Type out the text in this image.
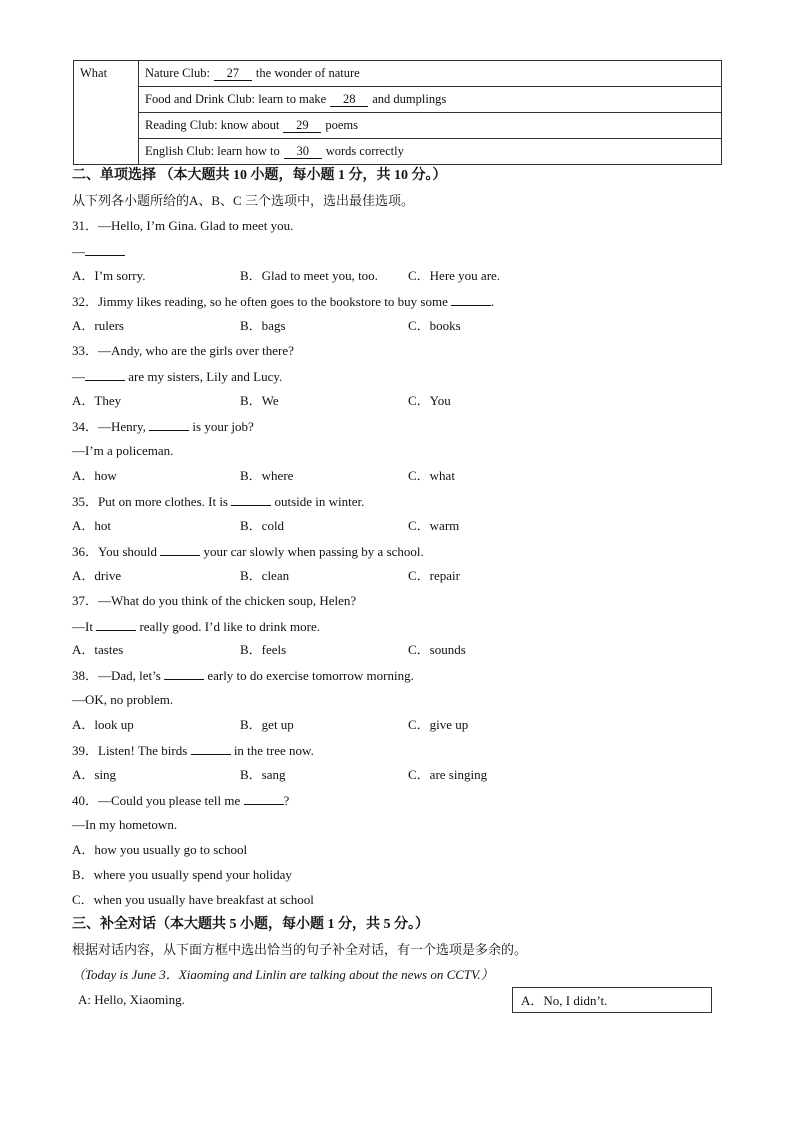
What	Nature Club: 27 the wonder of nature
Food and Drink Club: learn to make 28 and dumplings
Reading Club: know about 29 poems
English Club: learn how to 30 words correctly
二、单项选择 （本大题共 10 小题，每小题 1 分，共 10 分。）
从下列各小题所给的A、B、C 三个选项中，选出最佳选项。
31．—Hello, I’m Gina. Glad to meet you.
—
A．I’m sorry.	B．Glad to meet you, too. C．Here you are.
32．Jimmy likes reading, so he often goes to the bookstore to buy some	.
A．rulers	B．bags	C．books
33．—Andy, who are the girls over there?
—	are my sisters, Lily and Lucy.
A．They	B．We	C．You
34．—Henry,	is your job?
—I’m a policeman.
A．how	B．where	C．what
35．Put on more clothes. It is	outside in winter.
A．hot	B．cold	C．warm
36．You should	your car slowly when passing by a school.
A．drive	B．clean	C．repair
37．—What do you think of the chicken soup, Helen?
—It	really good. I’d like to drink more.
A．tastes	B．feels	C．sounds
38．—Dad, let’s	early to do exercise tomorrow morning.
—OK, no problem.
A．look up	B．get up	C．give up
39．Listen! The birds	in the tree now.
A．sing	B．sang	C．are singing
40．—Could you please tell me	?
—In my hometown.
A．how you usually go to school
B．where you usually spend your holiday
C．when you usually have breakfast at school
三、补全对话（本大题共 5 小题，每小题 1 分，共 5 分。）
根据对话内容，从下面方框中选出恰当的句子补全对话，有一个选项是多余的。
（Today is June 3．Xiaoming and Linlin are talking about the news on CCTV.）
A: Hello, Xiaoming.	A．No, I didn’t.
